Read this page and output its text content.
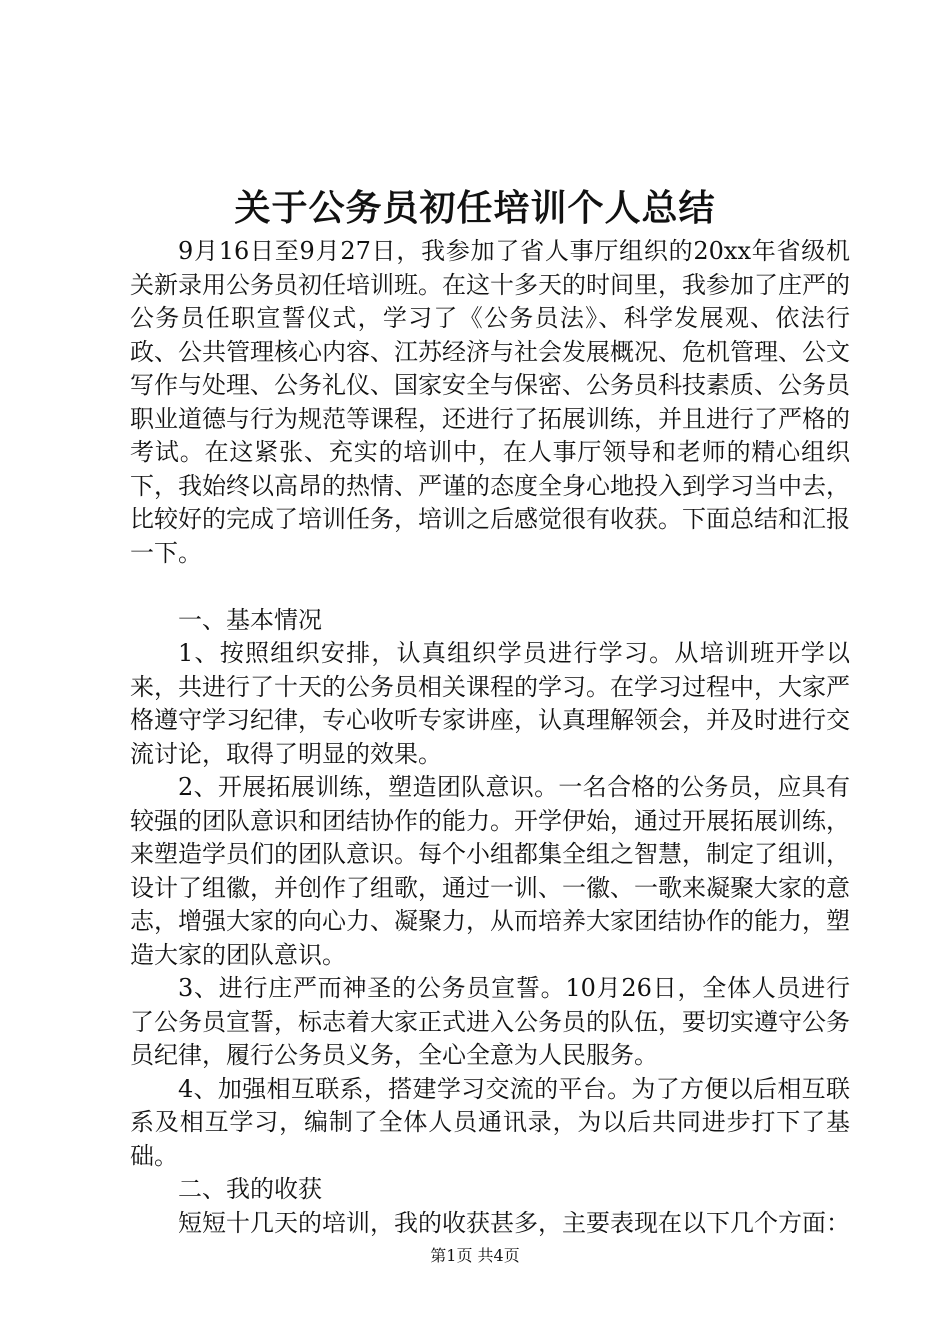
关于公务员初任培训个人总结

9月16日至9月27日，我参加了省人事厅组织的20xx年省级机关新录用公务员初任培训班。在这十多天的时间里，我参加了庄严的公务员任职宣誓仪式，学习了《公务员法》、科学发展观、依法行政、公共管理核心内容、江苏经济与社会发展概况、危机管理、公文写作与处理、公务礼仪、国家安全与保密、公务员科技素质、公务员职业道德与行为规范等课程，还进行了拓展训练，并且进行了严格的考试。在这紧张、充实的培训中，在人事厅领导和老师的精心组织下，我始终以高昂的热情、严谨的态度全身心地投入到学习当中去，比较好的完成了培训任务，培训之后感觉很有收获。下面总结和汇报一下。

一、基本情况

1、按照组织安排，认真组织学员进行学习。从培训班开学以来，共进行了十天的公务员相关课程的学习。在学习过程中，大家严格遵守学习纪律，专心收听专家讲座，认真理解领会，并及时进行交流讨论，取得了明显的效果。

2、开展拓展训练，塑造团队意识。一名合格的公务员，应具有较强的团队意识和团结协作的能力。开学伊始，通过开展拓展训练，来塑造学员们的团队意识。每个小组都集全组之智慧，制定了组训，设计了组徽，并创作了组歌，通过一训、一徽、一歌来凝聚大家的意志，增强大家的向心力、凝聚力，从而培养大家团结协作的能力，塑造大家的团队意识。

3、进行庄严而神圣的公务员宣誓。10月26日，全体人员进行了公务员宣誓，标志着大家正式进入公务员的队伍，要切实遵守公务员纪律，履行公务员义务，全心全意为人民服务。

4、加强相互联系，搭建学习交流的平台。为了方便以后相互联系及相互学习，编制了全体人员通讯录，为以后共同进步打下了基础。

二、我的收获

短短十几天的培训，我的收获甚多，主要表现在以下几个方面：

第1页 共4页
